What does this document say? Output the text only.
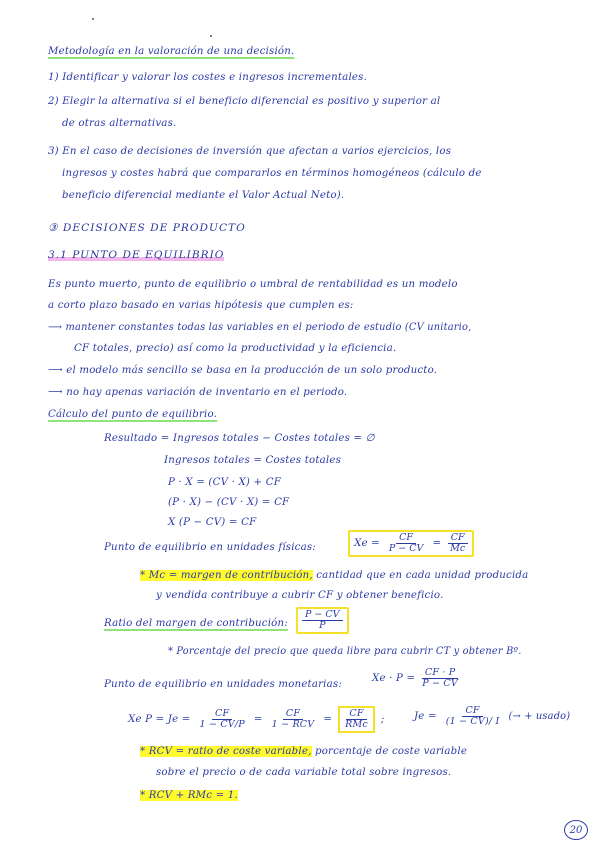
Metodología en la valoración de una decisión.
1) Identificar y valorar los costes e ingresos incrementales.
2) Elegir la alternativa si el beneficio diferencial es positivo y superior al
de otras alternativas.
3) En el caso de decisiones de inversión que afectan a varios ejercicios, los
ingresos y costes habrá que compararlos en términos homogéneos (cálculo de
beneficio diferencial mediante el Valor Actual Neto).
③ DECISIONES DE PRODUCTO
3.1 PUNTO DE EQUILIBRIO
Es punto muerto, punto de equilibrio o umbral de rentabilidad es un modelo
a corto plazo basado en varias hipótesis que cumplen es:
⟶ mantener constantes todas las variables en el periodo de estudio (CV unitario,
CF totales, precio) así como la productividad y la eficiencia.
⟶ el modelo más sencillo se basa en la producción de un solo producto.
⟶ no hay apenas variación de inventario en el periodo.
Cálculo del punto de equilibrio.
Resultado = Ingresos totales − Costes totales = ∅
Ingresos totales = Costes totales
P · X = (CV · X) + CF
(P · X) − (CV · X) = CF
X (P − CV) = CF
Punto de equilibrio en unidades físicas:	$Xe = \frac{CF}{P - CV} = \frac{CF}{Mc}$
* Mc = margen de contribución, cantidad que en cada unidad producida
y vendida contribuye a cubrir CF y obtener beneficio.
Ratio del margen de contribución: $\frac{P - CV}{P}$
* Porcentaje del precio que queda libre para cubrir CT y obtener Bº.
Punto de equilibrio en unidades monetarias:
$Xe \cdot P = \frac{CF \cdot P}{P - CV}$
Xe $P = Je = \frac{CF}{1 - CV/P} = \frac{CF}{\text{1 − RCV}} = \frac{CF}{\text{RMc}}$ ;	$Je = \frac{CF}{(1 - CV)/ I}$ (→ + usado)
* RCV = ratio de coste variable, porcentaje de coste variable
sobre el precio o de cada variable total sobre ingresos.
* RCV + RMc = 1.
20
